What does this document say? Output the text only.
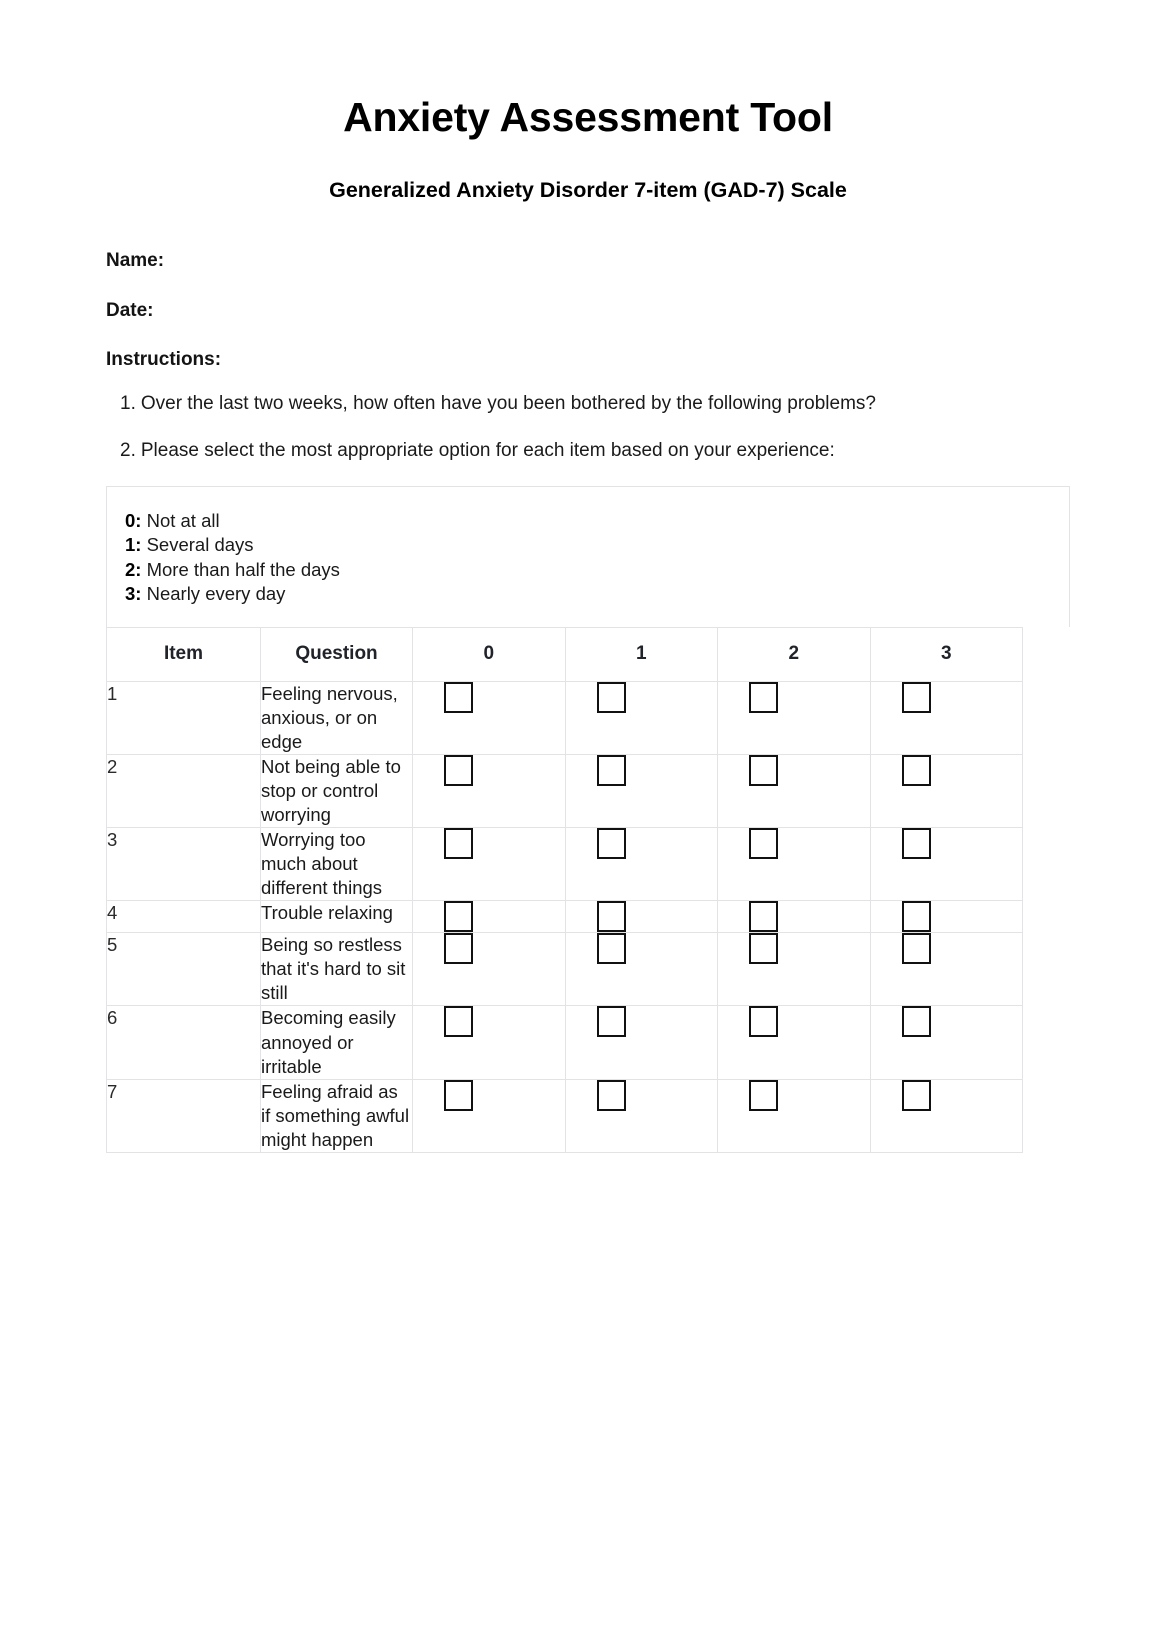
Anxiety Assessment Tool
Generalized Anxiety Disorder 7-item (GAD-7) Scale
Name:
Date:
Instructions:

1. Over the last two weeks, how often have you been bothered by the following problems?

2. Please select the most appropriate option for each item based on your experience:

0: Not at all
1: Several days
2: More than half the days
3: Nearly every day
Item	Question	0	1	2	3
1	Feeling nervous, anxious, or on edge	

2	Not being able to stop or control worrying	

3	Worrying too much about different things	

4	Trouble relaxing	

5	Being so restless that it's hard to sit still	

6	Becoming easily annoyed or irritable	

7	Feeling afraid as if something awful might happen	
